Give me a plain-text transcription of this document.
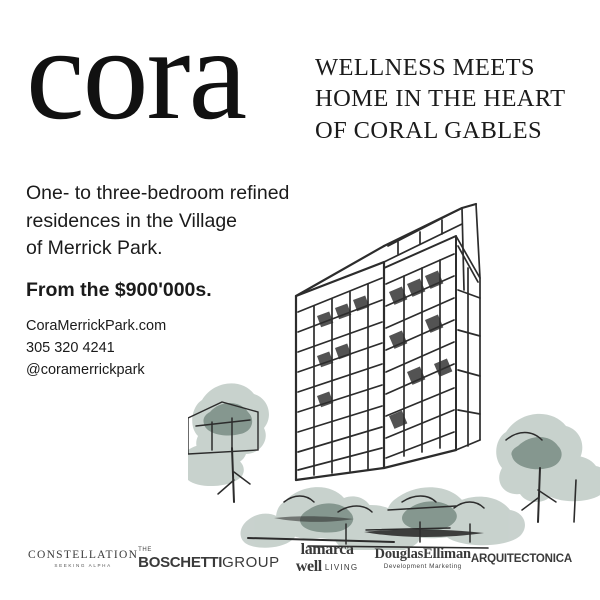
cora	WELLNESS MEETS
HOME IN THE HEART
OF CORAL GABLES
One- to three-bedroom refined
residences in the Village
of Merrick Park.
From the $900'000s.
CoraMerrickPark.com
305 320 4241
@coramerrickpark
CONSTELLATION
SEEKING ALPHA
THE
BOSCHETTIGROUP
lamarca well LIVING
DouglasElliman
Development Marketing
ARQUITECTONICA
